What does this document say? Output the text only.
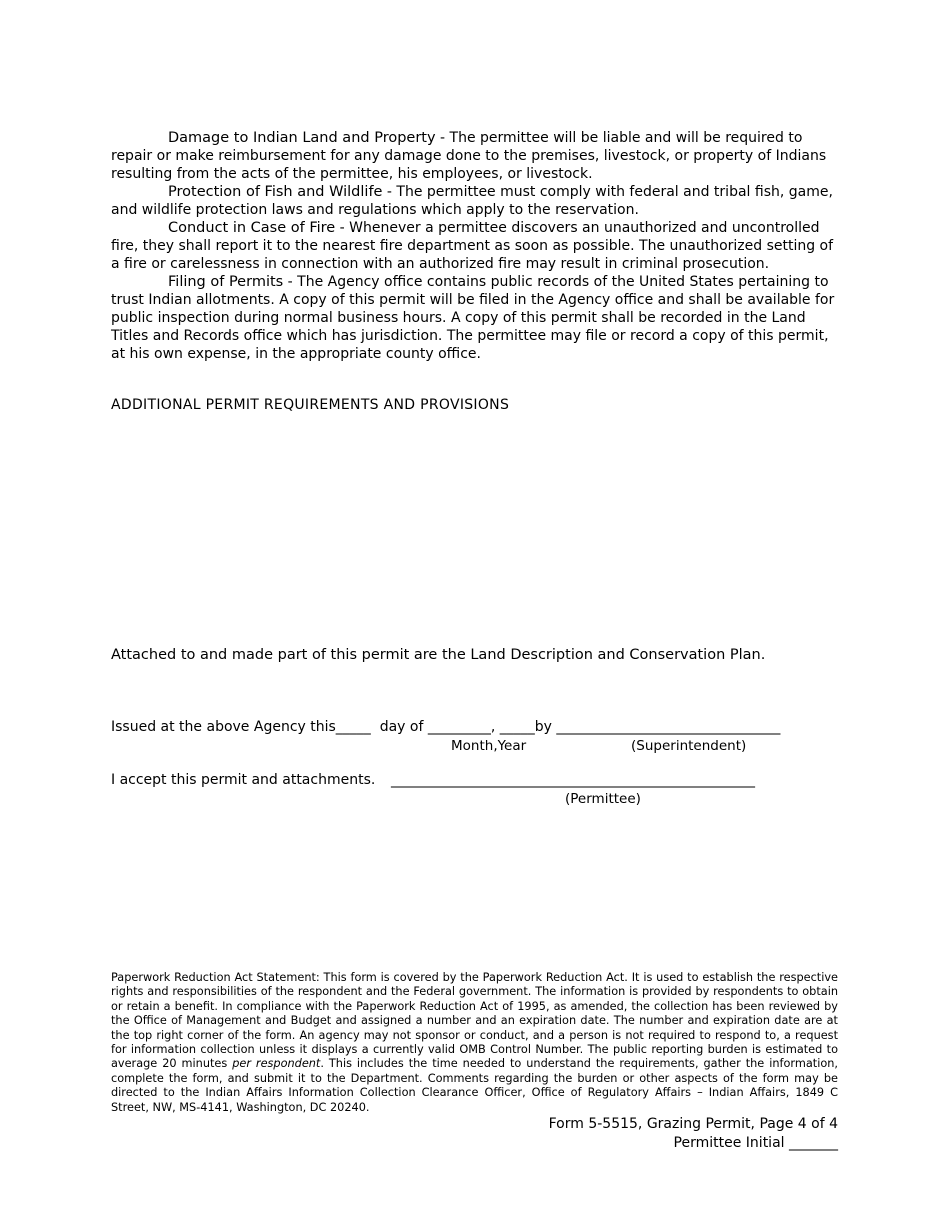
Damage to Indian Land and Property - The permittee will be liable and will be required to repair or make reimbursement for any damage done to the premises, livestock, or property of Indians resulting from the acts of the permittee, his employees, or livestock.

Protection of Fish and Wildlife - The permittee must comply with federal and tribal fish, game, and wildlife protection laws and regulations which apply to the reservation.

Conduct in Case of Fire - Whenever a permittee discovers an unauthorized and uncontrolled fire, they shall report it to the nearest fire department as soon as possible. The unauthorized setting of a fire or carelessness in connection with an authorized fire may result in criminal prosecution.

Filing of Permits - The Agency office contains public records of the United States pertaining to trust Indian allotments. A copy of this permit will be filed in the Agency office and shall be available for public inspection during normal business hours. A copy of this permit shall be recorded in the Land Titles and Records office which has jurisdiction. The permittee may file or record a copy of this permit, at his own expense, in the appropriate county office.

ADDITIONAL PERMIT REQUIREMENTS AND PROVISIONS
Attached to and made part of this permit are the Land Description and Conservation Plan.
Issued at the above Agency this_____  day of _________, _____by ________________________________
Month,Year	(Superintendent)
I accept this permit and attachments. ____________________________________________________
(Permittee)
Paperwork Reduction Act Statement: This form is covered by the Paperwork Reduction Act. It is used to establish the respective rights and responsibilities of the respondent and the Federal government. The information is provided by respondents to obtain or retain a benefit. In compliance with the Paperwork Reduction Act of 1995, as amended, the collection has been reviewed by the Office of Management and Budget and assigned a number and an expiration date. The number and expiration date are at the top right corner of the form. An agency may not sponsor or conduct, and a person is not required to respond to, a request for information collection unless it displays a currently valid OMB Control Number. The public reporting burden is estimated to average 20 minutes per respondent. This includes the time needed to understand the requirements, gather the information, complete the form, and submit it to the Department. Comments regarding the burden or other aspects of the form may be directed to the Indian Affairs Information Collection Clearance Officer, Office of Regulatory Affairs – Indian Affairs, 1849 C Street, NW, MS-4141, Washington, DC 20240.
Form 5-5515, Grazing Permit, Page 4 of 4
Permittee Initial _______
